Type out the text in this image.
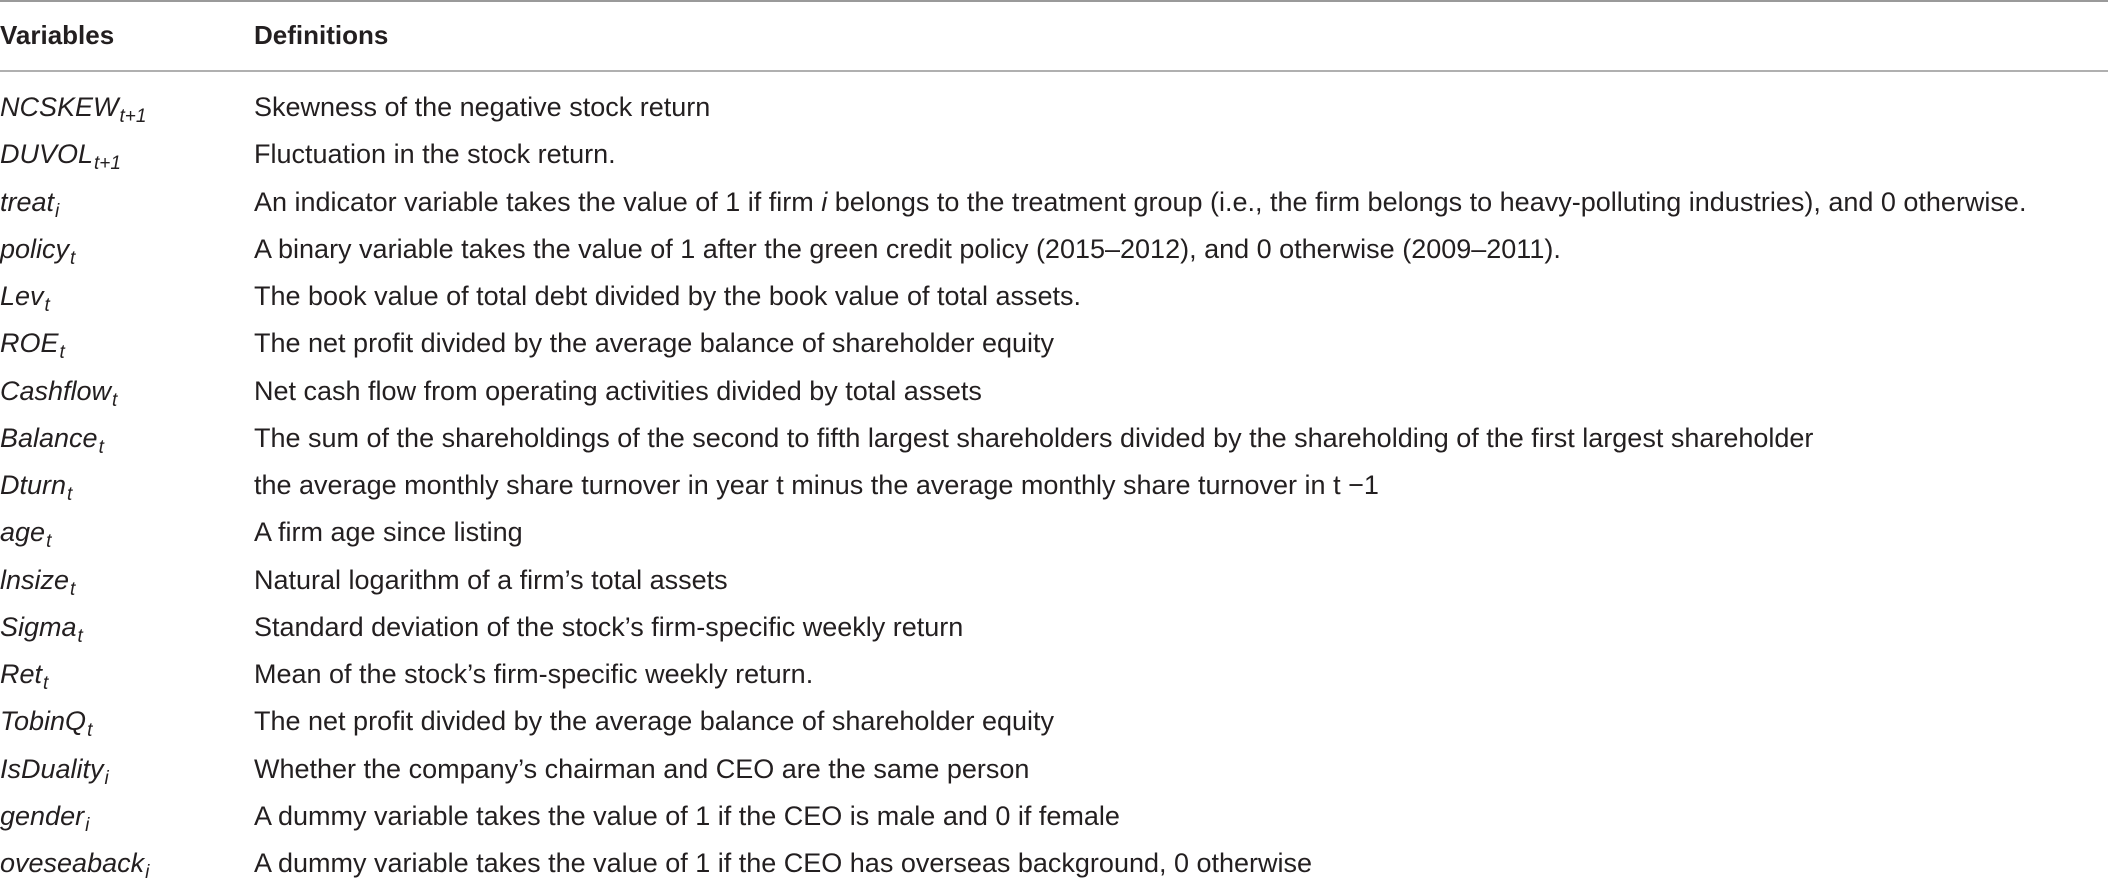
Variables	Definitions
$NCSKEW_{t+1}$	Skewness of the negative stock return
$DUVOL_{t+1}$	Fluctuation in the stock return.
treat$_i$	An indicator variable takes the value of 1 if firm i belongs to the treatment group (i.e., the firm belongs to heavy-polluting industries), and 0 otherwise.
policy$_t$	A binary variable takes the value of 1 after the green credit policy (2015–2012), and 0 otherwise (2009–2011).
Lev$_t$	The book value of total debt divided by the book value of total assets.
$ROE_t$	The net profit divided by the average balance of shareholder equity
Cashflow$_t$	Net cash flow from operating activities divided by total assets
Balance$_t$	The sum of the shareholdings of the second to fifth largest shareholders divided by the shareholding of the first largest shareholder
Dturn$_t$	the average monthly share turnover in year t minus the average monthly share turnover in t −1
age$_t$	A firm age since listing
lnsize$_t$	Natural logarithm of a firm’s total assets
Sigma$_t$	Standard deviation of the stock’s firm-specific weekly return
Ret$_t$	Mean of the stock’s firm-specific weekly return.
TobinQ$_t$	The net profit divided by the average balance of shareholder equity
IsDuality$_i$	Whether the company’s chairman and CEO are the same person
gender$_i$	A dummy variable takes the value of 1 if the CEO is male and 0 if female
oveseaback$_i$	A dummy variable takes the value of 1 if the CEO has overseas background, 0 otherwise
